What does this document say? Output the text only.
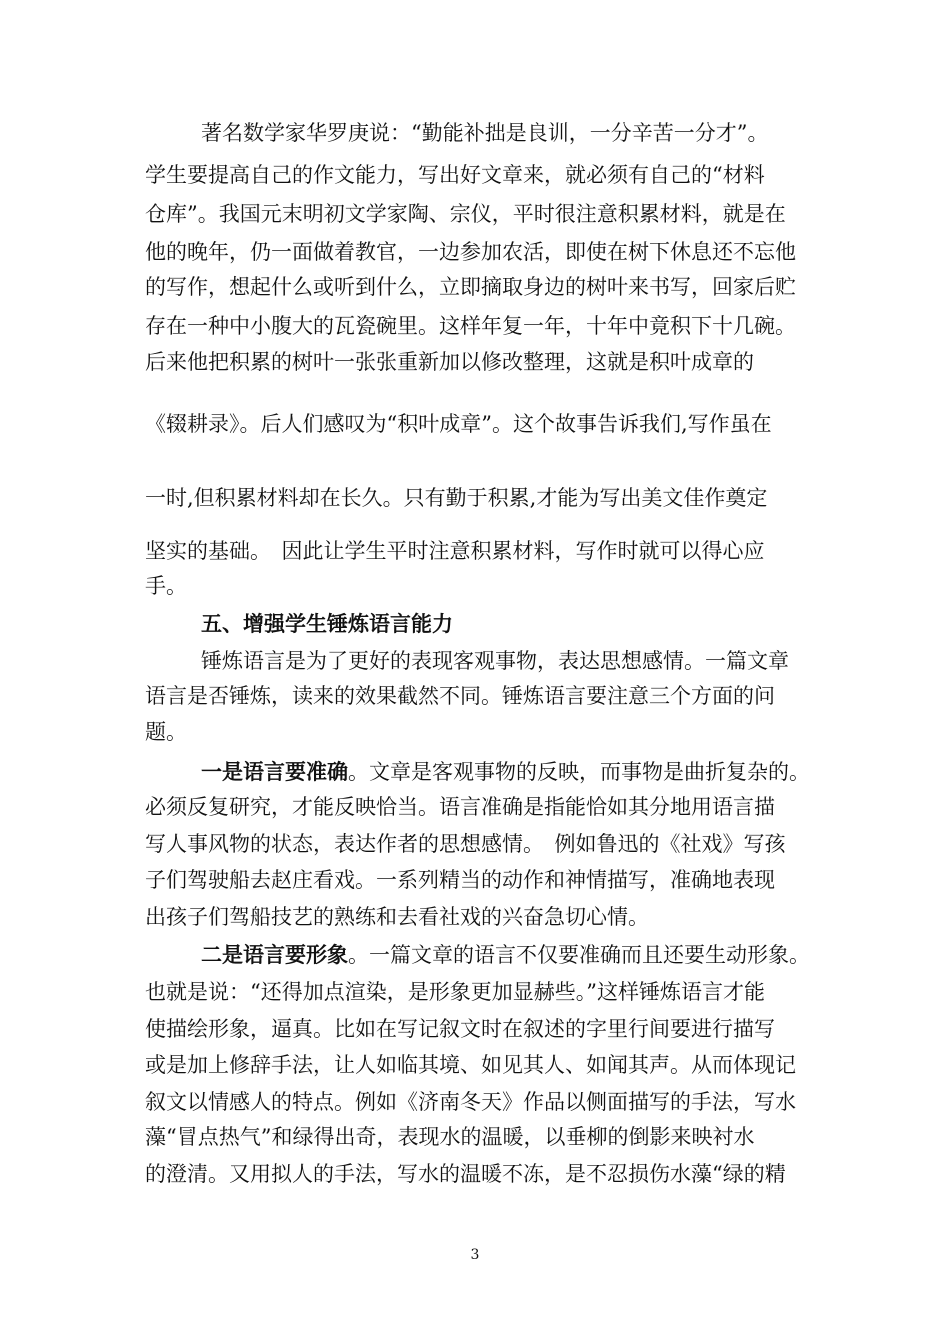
著名数学家华罗庚说：“勤能补拙是良训，一分辛苦一分才”。
学生要提高自己的作文能力，写出好文章来，就必须有自己的“材料
仓库”。我国元末明初文学家陶、宗仪，平时很注意积累材料，就是在
他的晚年，仍一面做着教官，一边参加农活，即使在树下休息还不忘他
的写作，想起什么或听到什么，立即摘取身边的树叶来书写，回家后贮
存在一种中小腹大的瓦瓷碗里。这样年复一年，十年中竟积下十几碗。
后来他把积累的树叶一张张重新加以修改整理，这就是积叶成章的
《辍耕录》。后人们感叹为“积叶成章”。这个故事告诉我们,写作虽在
一时,但积累材料却在长久。只有勤于积累,才能为写出美文佳作奠定
坚实的基础。　因此让学生平时注意积累材料，写作时就可以得心应
手。
五、增强学生锤炼语言能力
锤炼语言是为了更好的表现客观事物，表达思想感情。一篇文章
语言是否锤炼，读来的效果截然不同。锤炼语言要注意三个方面的问
题。
一是语言要准确。文章是客观事物的反映，而事物是曲折复杂的。
必须反复研究，才能反映恰当。语言准确是指能恰如其分地用语言描
写人事风物的状态，表达作者的思想感情。　例如鲁迅的《社戏》写孩
子们驾驶船去赵庄看戏。一系列精当的动作和神情描写，准确地表现
出孩子们驾船技艺的熟练和去看社戏的兴奋急切心情。
二是语言要形象。一篇文章的语言不仅要准确而且还要生动形象。
也就是说：“还得加点渲染，是形象更加显赫些。”这样锤炼语言才能
使描绘形象，逼真。比如在写记叙文时在叙述的字里行间要进行描写
或是加上修辞手法，让人如临其境、如见其人、如闻其声。从而体现记
叙文以情感人的特点。例如《济南冬天》作品以侧面描写的手法，写水
藻“冒点热气”和绿得出奇，表现水的温暖，以垂柳的倒影来映衬水
的澄清。又用拟人的手法，写水的温暖不冻，是不忍损伤水藻“绿的精
3
